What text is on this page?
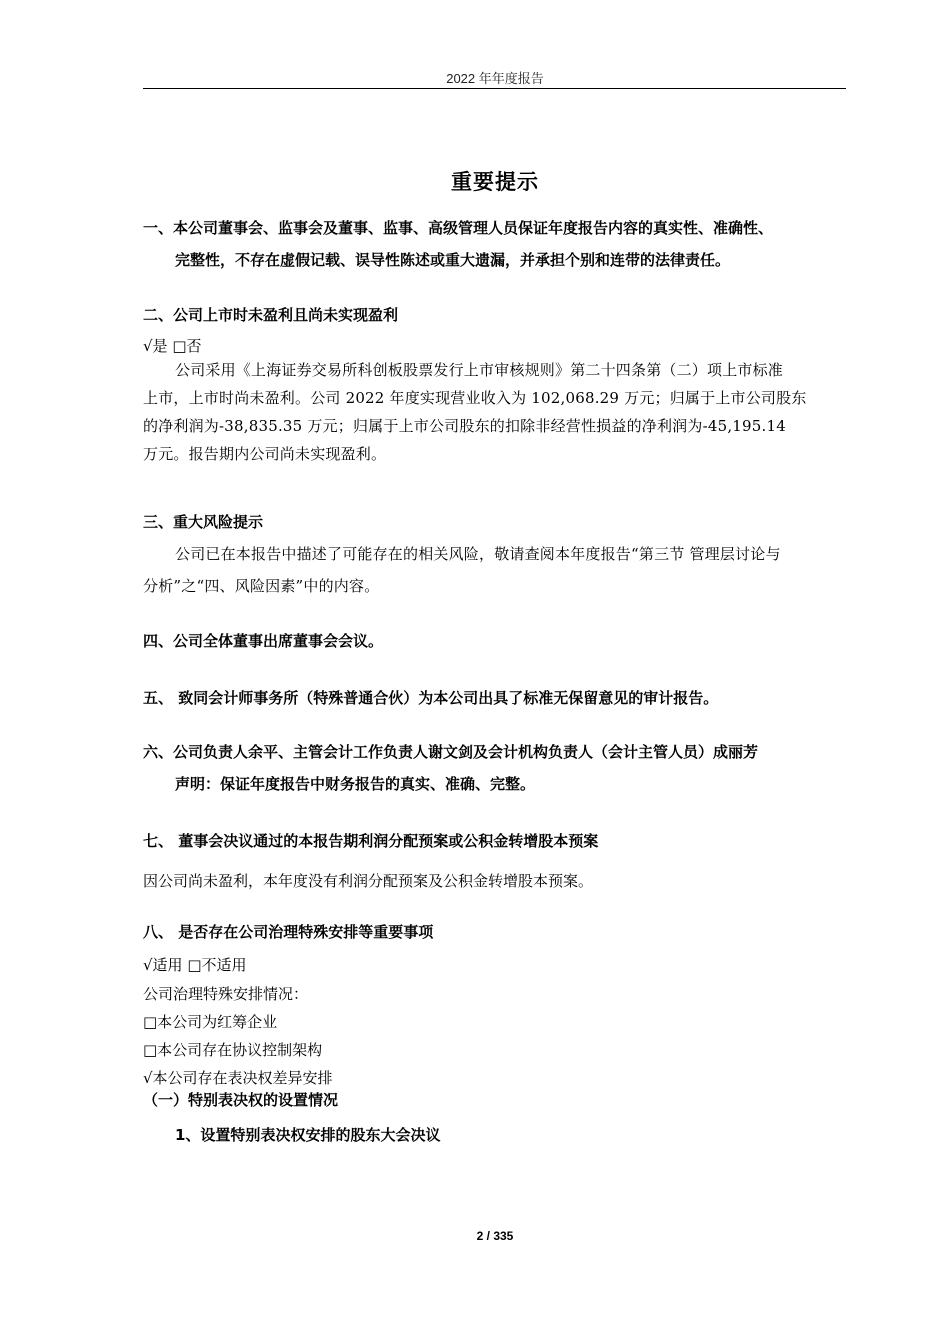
2022 年年度报告
重要提示
一、本公司董事会、监事会及董事、监事、高级管理人员保证年度报告内容的真实性、准确性、
完整性，不存在虚假记载、误导性陈述或重大遗漏，并承担个别和连带的法律责任。
二、公司上市时未盈利且尚未实现盈利
√是 □否
公司采用《上海证券交易所科创板股票发行上市审核规则》第二十四条第（二）项上市标准
上市，上市时尚未盈利。公司 2022 年度实现营业收入为 102,068.29 万元；归属于上市公司股东
的净利润为-38,835.35 万元；归属于上市公司股东的扣除非经营性损益的净利润为-45,195.14
万元。报告期内公司尚未实现盈利。
三、重大风险提示
公司已在本报告中描述了可能存在的相关风险，敬请查阅本年度报告“第三节 管理层讨论与
分析”之“四、风险因素”中的内容。
四、公司全体董事出席董事会会议。
五、 致同会计师事务所（特殊普通合伙）为本公司出具了标准无保留意见的审计报告。
六、公司负责人余平、主管会计工作负责人谢文剑及会计机构负责人（会计主管人员）成丽芳
声明：保证年度报告中财务报告的真实、准确、完整。
七、 董事会决议通过的本报告期利润分配预案或公积金转增股本预案
因公司尚未盈利，本年度没有利润分配预案及公积金转增股本预案。
八、 是否存在公司治理特殊安排等重要事项
√适用 □不适用
公司治理特殊安排情况：
□本公司为红筹企业
□本公司存在协议控制架构
√本公司存在表决权差异安排
（一）特别表决权的设置情况
1、设置特别表决权安排的股东大会决议
2 / 335
